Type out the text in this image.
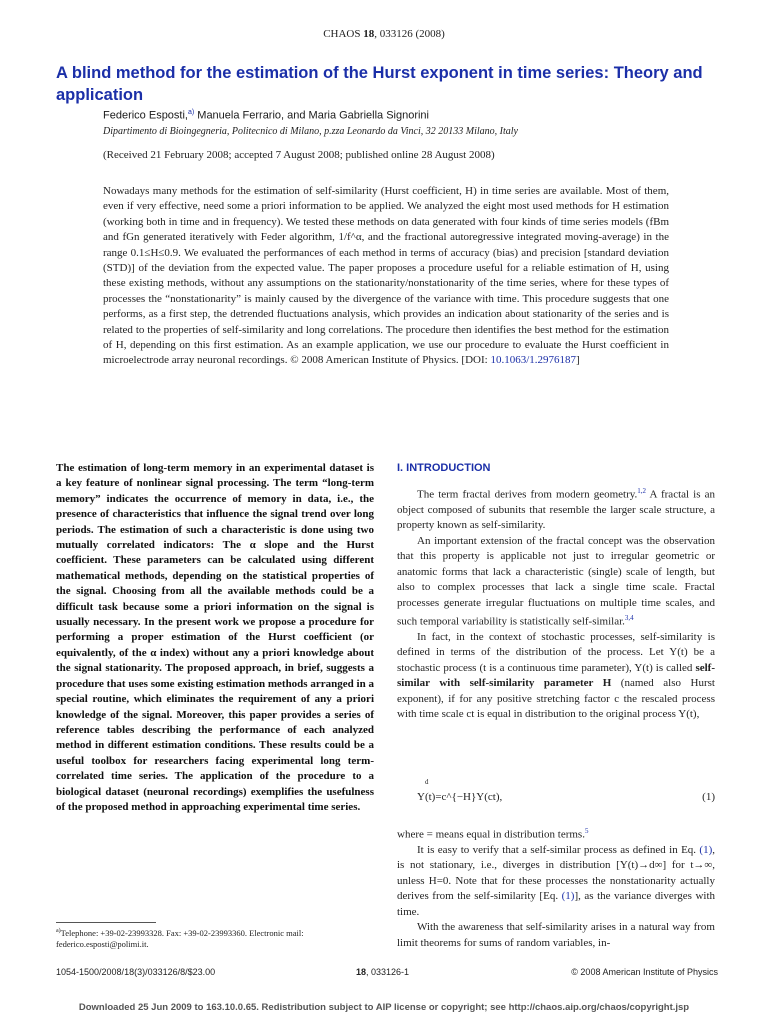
CHAOS 18, 033126 (2008)
A blind method for the estimation of the Hurst exponent in time series: Theory and application
Federico Esposti,$^{a)}$ Manuela Ferrario, and Maria Gabriella Signorini
Dipartimento di Bioingegneria, Politecnico di Milano, p.zza Leonardo da Vinci, 32 20133 Milano, Italy
(Received 21 February 2008; accepted 7 August 2008; published online 28 August 2008)
Nowadays many methods for the estimation of self-similarity (Hurst coefficient, H) in time series are available. Most of them, even if very effective, need some a priori information to be applied. We analyzed the eight most used methods for H estimation (working both in time and in frequency). We tested these methods on data generated with four kinds of time series models (fBm and fGn generated iteratively with Feder algorithm, 1/f^α, and the fractional autoregressive integrated moving-average) in the range 0.1≤H≤0.9. We evaluated the performances of each method in terms of accuracy (bias) and precision [standard deviation (STD)] of the deviation from the expected value. The paper proposes a procedure useful for a reliable estimation of H, using these existing methods, without any assumptions on the stationarity/nonstationarity of the time series, where for these types of processes the “nonstationarity” is mainly caused by the divergence of the variance with time. This procedure suggests that one performs, as a first step, the detrended fluctuations analysis, which provides an indication about stationarity of the series and is related to the properties of self-similarity and long correlations. The procedure then identifies the best method for the estimation of H, depending on this first estimation. As an example application, we use our procedure to evaluate the Hurst coefficient in microelectrode array neuronal recordings. © 2008 American Institute of Physics. [DOI: 10.1063/1.2976187]
The estimation of long-term memory in an experimental dataset is a key feature of nonlinear signal processing. The term “long-term memory” indicates the occurrence of memory in data, i.e., the presence of characteristics that influence the signal trend over long periods. The estimation of such a characteristic is done using two mutually correlated indicators: The α slope and the Hurst coefficient. These parameters can be calculated using different mathematical methods, depending on the statistical properties of the signal. Choosing from all the available methods could be a difficult task because some a priori information on the signal is usually necessary. In the present work we propose a procedure for performing a proper estimation of the Hurst coefficient (or equivalently, of the α index) without any a priori knowledge about the signal stationarity. The proposed approach, in brief, suggests a procedure that uses some existing estimation methods arranged in a special routine, which eliminates the requirement of any a priori knowledge of the signal. Moreover, this paper provides a series of reference tables describing the performance of each analyzed method in different estimation conditions. These results could be a useful toolbox for researchers facing experimental long term-correlated time series. The application of the procedure to a biological dataset (neuronal recordings) exemplifies the usefulness of the proposed method in approaching experimental time series.
I. INTRODUCTION

The term fractal derives from modern geometry.$^{1,2}$ A fractal is an object composed of subunits that resemble the larger scale structure, a property known as self-similarity.

An important extension of the fractal concept was the observation that this property is applicable not just to irregular geometric or anatomic forms that lack a characteristic (single) scale of length, but also to complex processes that lack a single time scale. Fractal processes generate irregular fluctuations on multiple time scales, and such temporal variability is statistically self-similar.$^{3,4}$

In fact, in the context of stochastic processes, self-similarity is defined in terms of the distribution of the process. Let Y(t) be a stochastic process (t is a continuous time parameter), Y(t) is called self-similar with self-similarity parameter H (named also Hurst exponent), if for any positive stretching factor c the rescaled process with time scale ct is equal in distribution to the original process Y(t),

d
Y(t)=c^{−H}Y(ct),	(1)

where = means equal in distribution terms.$^5$

It is easy to verify that a self-similar process as defined in Eq. (1), is not stationary, i.e., diverges in distribution [Y(t)→d∞] for t→∞, unless H=0. Note that for these processes the nonstationarity actually derives from the self-similarity [Eq. (1)], as the variance diverges with time.

With the awareness that self-similarity arises in a natural way from limit theorems for sums of random variables, in-

$^{a)}$Telephone: +39-02-23993328. Fax: +39-02-23993360. Electronic mail: federico.esposti@polimi.it.
1054-1500/2008/18(3)/033126/8/$23.00	18, 033126-1	© 2008 American Institute of Physics
Downloaded 25 Jun 2009 to 163.10.0.65. Redistribution subject to AIP license or copyright; see http://chaos.aip.org/chaos/copyright.jsp
